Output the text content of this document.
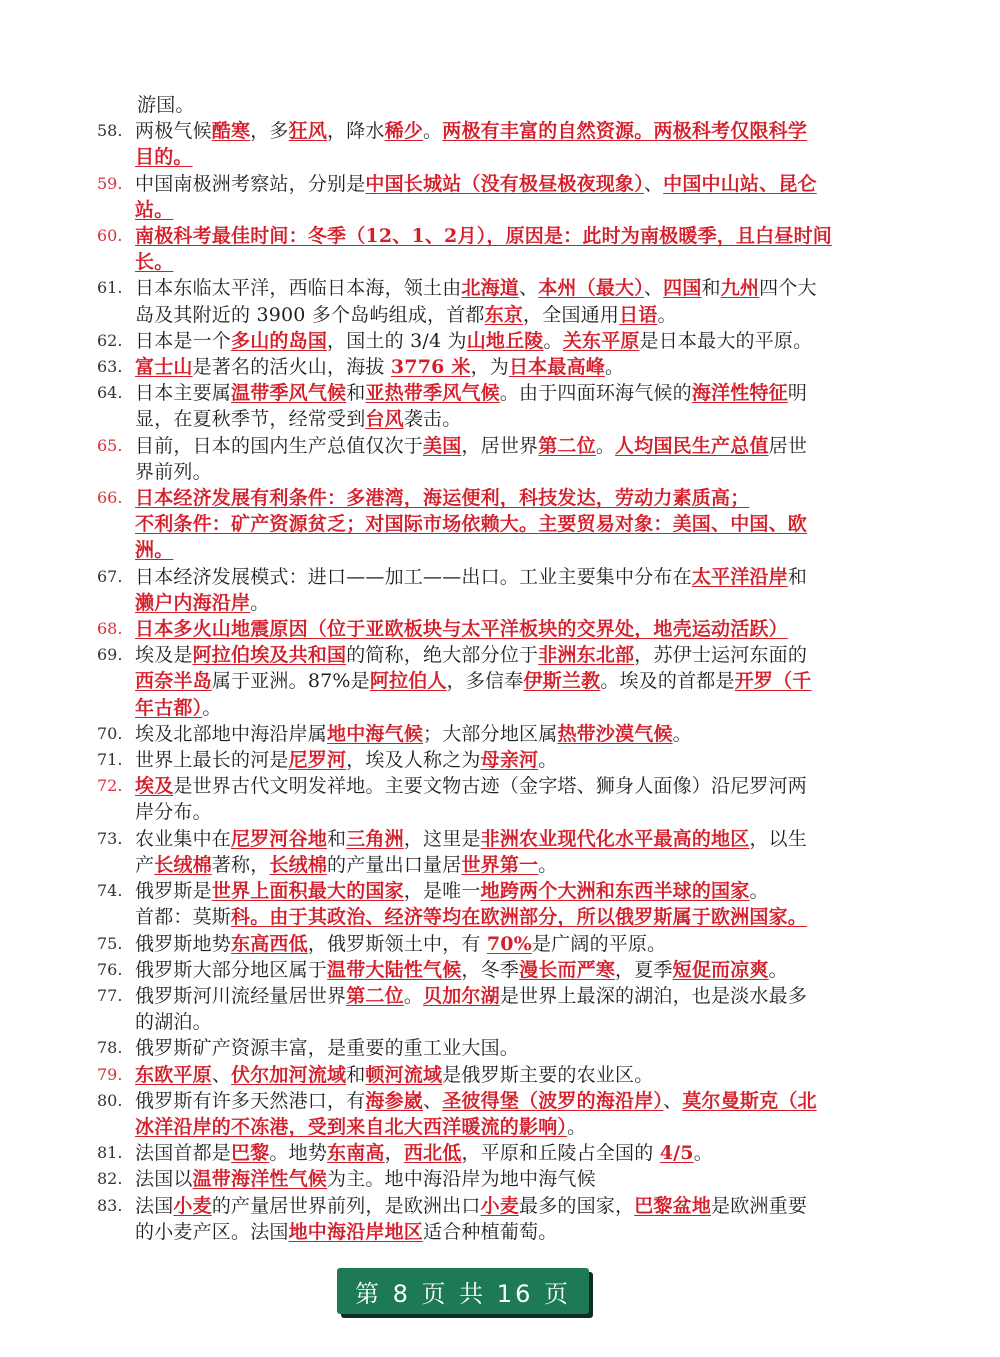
游国。
58. 两极气候酷寒，多狂风，降水稀少。两极有丰富的自然资源。两极科考仅限科学
目的。
59. 中国南极洲考察站，分别是中国长城站（没有极昼极夜现象）、中国中山站、昆仑
站。
60. 南极科考最佳时间：冬季（12、1、2月），原因是：此时为南极暖季，且白昼时间
长。
61. 日本东临太平洋，西临日本海，领土由北海道、本州（最大）、四国和九州四个大
岛及其附近的 3900 多个岛屿组成，首都东京，全国通用日语。
62. 日本是一个多山的岛国，国土的 3/4 为山地丘陵。关东平原是日本最大的平原。
63. 富士山是著名的活火山，海拔 3776 米，为日本最高峰。
64. 日本主要属温带季风气候和亚热带季风气候。由于四面环海气候的海洋性特征明
显，在夏秋季节，经常受到台风袭击。
65. 目前，日本的国内生产总值仅次于美国，居世界第二位。人均国民生产总值居世
界前列。
66. 日本经济发展有利条件：多港湾，海运便利，科技发达，劳动力素质高；
不利条件：矿产资源贫乏；对国际市场依赖大。主要贸易对象：美国、中国、欧
洲。
67. 日本经济发展模式：进口——加工——出口。工业主要集中分布在太平洋沿岸和
濑户内海沿岸。
68. 日本多火山地震原因（位于亚欧板块与太平洋板块的交界处，地壳运动活跃）
69. 埃及是阿拉伯埃及共和国的简称，绝大部分位于非洲东北部，苏伊士运河东面的
西奈半岛属于亚洲。87%是阿拉伯人，多信奉伊斯兰教。埃及的首都是开罗（千
年古都）。
70. 埃及北部地中海沿岸属地中海气候；大部分地区属热带沙漠气候。
71. 世界上最长的河是尼罗河，埃及人称之为母亲河。
72. 埃及是世界古代文明发祥地。主要文物古迹（金字塔、狮身人面像）沿尼罗河两
岸分布。
73. 农业集中在尼罗河谷地和三角洲，这里是非洲农业现代化水平最高的地区，以生
产长绒棉著称，长绒棉的产量出口量居世界第一。
74. 俄罗斯是世界上面积最大的国家，是唯一地跨两个大洲和东西半球的国家。
首都：莫斯科。由于其政治、经济等均在欧洲部分，所以俄罗斯属于欧洲国家。
75. 俄罗斯地势东高西低，俄罗斯领土中，有 70%是广阔的平原。
76. 俄罗斯大部分地区属于温带大陆性气候，冬季漫长而严寒，夏季短促而凉爽。
77. 俄罗斯河川流经量居世界第二位。贝加尔湖是世界上最深的湖泊，也是淡水最多
的湖泊。
78. 俄罗斯矿产资源丰富，是重要的重工业大国。
79. 东欧平原、伏尔加河流域和顿河流域是俄罗斯主要的农业区。
80. 俄罗斯有许多天然港口，有海参崴、圣彼得堡（波罗的海沿岸）、莫尔曼斯克（北
冰洋沿岸的不冻港，受到来自北大西洋暖流的影响）。
81. 法国首都是巴黎。地势东南高，西北低，平原和丘陵占全国的 4/5。
82. 法国以温带海洋性气候为主。地中海沿岸为地中海气候
83. 法国小麦的产量居世界前列，是欧洲出口小麦最多的国家，巴黎盆地是欧洲重要
的小麦产区。法国地中海沿岸地区适合种植葡萄。
第 8 页 共 16 页
